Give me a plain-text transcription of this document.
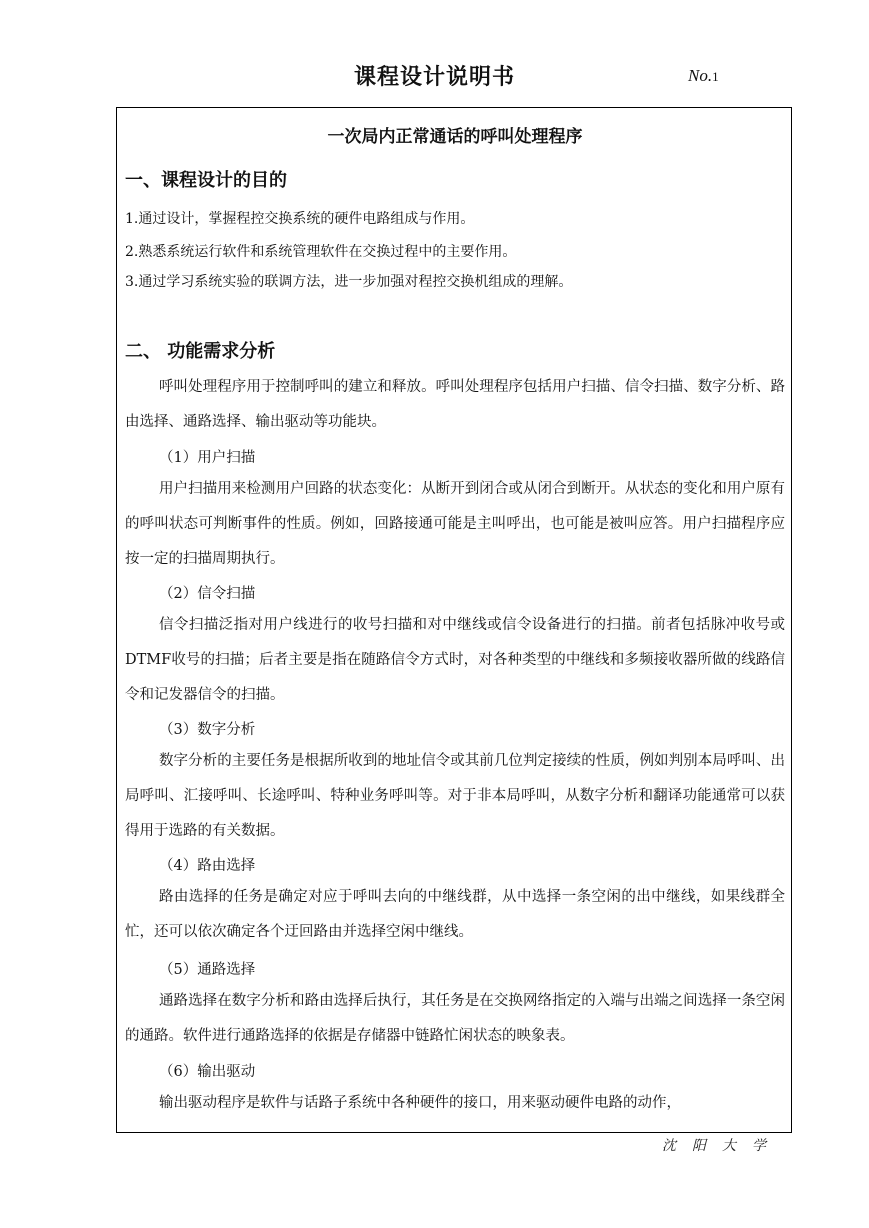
课程设计说明书	No.1
一次局内正常通话的呼叫处理程序
一、课程设计的目的
1.通过设计，掌握程控交换系统的硬件电路组成与作用。
2.熟悉系统运行软件和系统管理软件在交换过程中的主要作用。
3.通过学习系统实验的联调方法，进一步加强对程控交换机组成的理解。
二、 功能需求分析
呼叫处理程序用于控制呼叫的建立和释放。呼叫处理程序包括用户扫描、信令扫描、数字分析、路由选择、通路选择、输出驱动等功能块。
（1）用户扫描
用户扫描用来检测用户回路的状态变化：从断开到闭合或从闭合到断开。从状态的变化和用户原有的呼叫状态可判断事件的性质。例如，回路接通可能是主叫呼出，也可能是被叫应答。用户扫描程序应按一定的扫描周期执行。
（2）信令扫描
信令扫描泛指对用户线进行的收号扫描和对中继线或信令设备进行的扫描。前者包括脉冲收号或DTMF收号的扫描；后者主要是指在随路信令方式时，对各种类型的中继线和多频接收器所做的线路信令和记发器信令的扫描。
（3）数字分析
数字分析的主要任务是根据所收到的地址信令或其前几位判定接续的性质，例如判别本局呼叫、出局呼叫、汇接呼叫、长途呼叫、特种业务呼叫等。对于非本局呼叫，从数字分析和翻译功能通常可以获得用于选路的有关数据。
（4）路由选择
路由选择的任务是确定对应于呼叫去向的中继线群，从中选择一条空闲的出中继线，如果线群全忙，还可以依次确定各个迂回路由并选择空闲中继线。
（5）通路选择
通路选择在数字分析和路由选择后执行，其任务是在交换网络指定的入端与出端之间选择一条空闲的通路。软件进行通路选择的依据是存储器中链路忙闲状态的映象表。
（6）输出驱动
输出驱动程序是软件与话路子系统中各种硬件的接口，用来驱动硬件电路的动作，
沈阳大学
